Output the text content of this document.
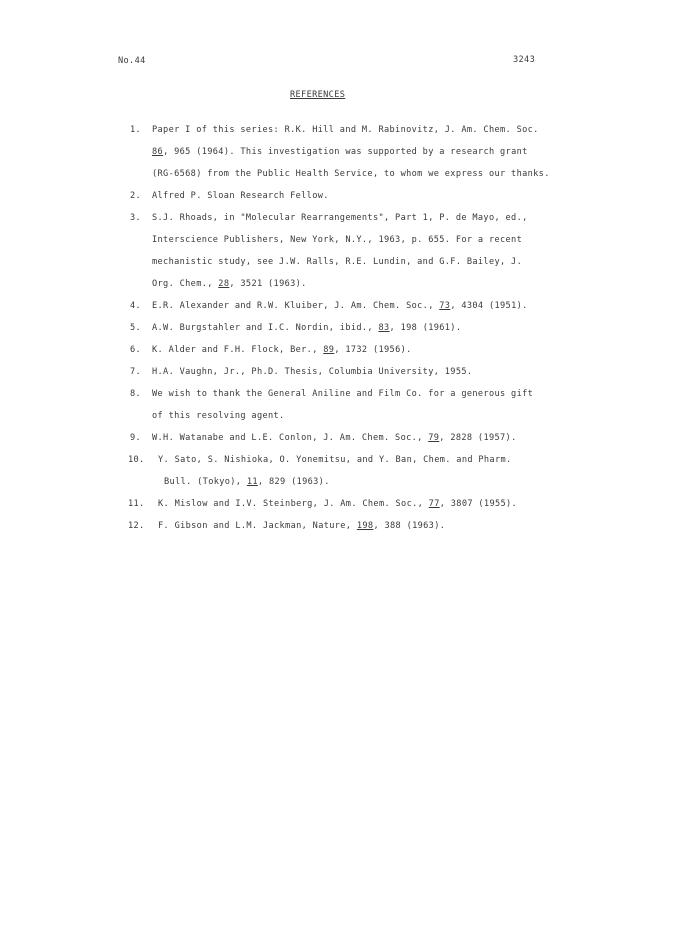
No.44	3243
REFERENCES
1.	Paper I of this series: R.K. Hill and M. Rabinovitz, J. Am. Chem. Soc.
86, 965 (1964). This investigation was supported by a research grant
(RG-6568) from the Public Health Service, to whom we express our thanks.
2.	Alfred P. Sloan Research Fellow.
3.	S.J. Rhoads, in "Molecular Rearrangements", Part 1, P. de Mayo, ed.,
Interscience Publishers, New York, N.Y., 1963, p. 655. For a recent
mechanistic study, see J.W. Ralls, R.E. Lundin, and G.F. Bailey, J.
Org. Chem., 28, 3521 (1963).
4.	E.R. Alexander and R.W. Kluiber, J. Am. Chem. Soc., 73, 4304 (1951).
5.	A.W. Burgstahler and I.C. Nordin, ibid., 83, 198 (1961).
6.	K. Alder and F.H. Flock, Ber., 89, 1732 (1956).
7.	H.A. Vaughn, Jr., Ph.D. Thesis, Columbia University, 1955.
8.	We wish to thank the General Aniline and Film Co. for a generous gift
of this resolving agent.
9.	W.H. Watanabe and L.E. Conlon, J. Am. Chem. Soc., 79, 2828 (1957).
10. Y. Sato, S. Nishioka, O. Yonemitsu, and Y. Ban, Chem. and Pharm.
Bull. (Tokyo), 11, 829 (1963).
11. K. Mislow and I.V. Steinberg, J. Am. Chem. Soc., 77, 3807 (1955).
12. F. Gibson and L.M. Jackman, Nature, 198, 388 (1963).
